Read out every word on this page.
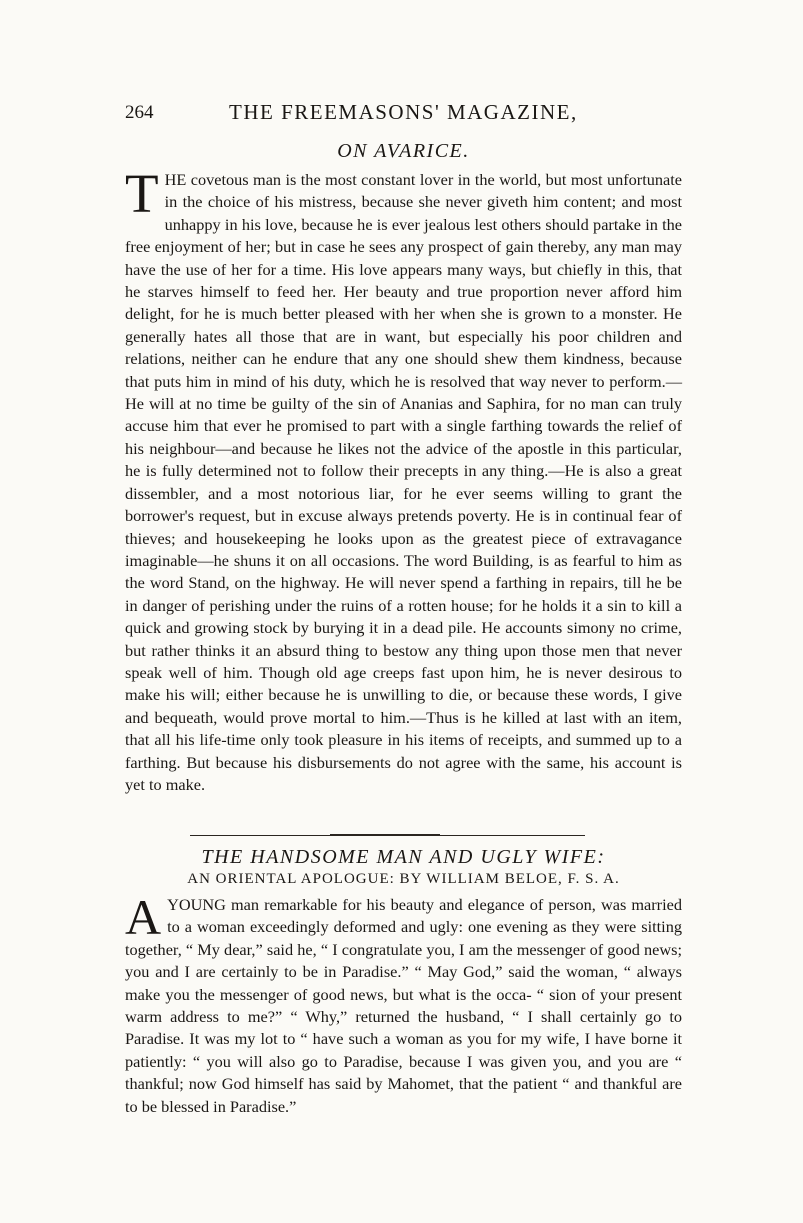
264	THE FREEMASONS' MAGAZINE,
ON AVARICE.

THE covetous man is the most constant lover in the world, but most unfortunate in the choice of his mistress, because she never giveth him content; and most unhappy in his love, because he is ever jealous lest others should partake in the free enjoyment of her; but in case he sees any prospect of gain thereby, any man may have the use of her for a time. His love appears many ways, but chiefly in this, that he starves himself to feed her. Her beauty and true proportion never afford him delight, for he is much better pleased with her when she is grown to a monster. He generally hates all those that are in want, but especially his poor children and relations, neither can he endure that any one should shew them kindness, because that puts him in mind of his duty, which he is resolved that way never to perform.—He will at no time be guilty of the sin of Ananias and Saphira, for no man can truly accuse him that ever he promised to part with a single farthing towards the relief of his neighbour—and because he likes not the advice of the apostle in this particular, he is fully determined not to follow their precepts in any thing.—He is also a great dissembler, and a most notorious liar, for he ever seems willing to grant the borrower's request, but in excuse always pretends poverty. He is in continual fear of thieves; and housekeeping he looks upon as the greatest piece of extravagance imaginable—he shuns it on all occasions. The word Building, is as fearful to him as the word Stand, on the highway. He will never spend a farthing in repairs, till he be in danger of perishing under the ruins of a rotten house; for he holds it a sin to kill a quick and growing stock by burying it in a dead pile. He accounts simony no crime, but rather thinks it an absurd thing to bestow any thing upon those men that never speak well of him. Though old age creeps fast upon him, he is never desirous to make his will; either because he is unwilling to die, or because these words, I give and bequeath, would prove mortal to him.—Thus is he killed at last with an item, that all his life-time only took pleasure in his items of receipts, and summed up to a farthing. But because his disbursements do not agree with the same, his account is yet to make.

THE HANDSOME MAN AND UGLY WIFE:
AN ORIENTAL APOLOGUE: BY WILLIAM BELOE, F. S. A.

AYOUNG man remarkable for his beauty and elegance of person, was married to a woman exceedingly deformed and ugly: one evening as they were sitting together, “ My dear,” said he, “ I congratulate you, I am the messenger of good news; you and I are certainly to be in Paradise.” “ May God,” said the woman, “ always make you the messenger of good news, but what is the occa- “ sion of your present warm address to me?” “ Why,” returned the husband, “ I shall certainly go to Paradise. It was my lot to “ have such a woman as you for my wife, I have borne it patiently: “ you will also go to Paradise, because I was given you, and you are “ thankful; now God himself has said by Mahomet, that the patient “ and thankful are to be blessed in Paradise.”
